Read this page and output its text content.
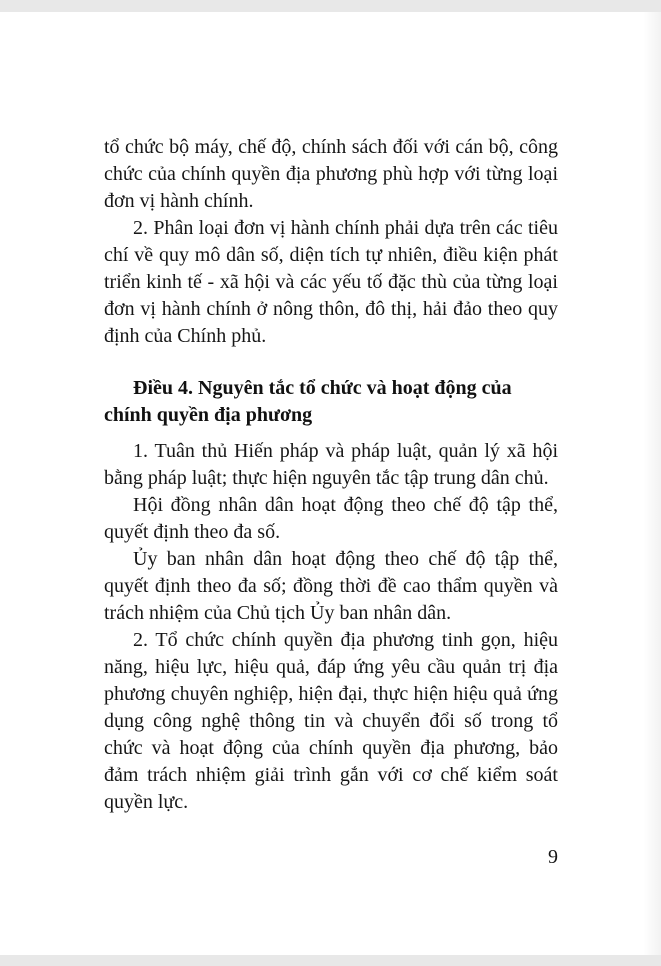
tổ chức bộ máy, chế độ, chính sách đối với cán bộ, công chức của chính quyền địa phương phù hợp với từng loại đơn vị hành chính.

2. Phân loại đơn vị hành chính phải dựa trên các tiêu chí về quy mô dân số, diện tích tự nhiên, điều kiện phát triển kinh tế - xã hội và các yếu tố đặc thù của từng loại đơn vị hành chính ở nông thôn, đô thị, hải đảo theo quy định của Chính phủ.

Điều 4. Nguyên tắc tổ chức và hoạt động của chính quyền địa phương

1. Tuân thủ Hiến pháp và pháp luật, quản lý xã hội bằng pháp luật; thực hiện nguyên tắc tập trung dân chủ.

Hội đồng nhân dân hoạt động theo chế độ tập thể, quyết định theo đa số.

Ủy ban nhân dân hoạt động theo chế độ tập thể, quyết định theo đa số; đồng thời đề cao thẩm quyền và trách nhiệm của Chủ tịch Ủy ban nhân dân.

2. Tổ chức chính quyền địa phương tinh gọn, hiệu năng, hiệu lực, hiệu quả, đáp ứng yêu cầu quản trị địa phương chuyên nghiệp, hiện đại, thực hiện hiệu quả ứng dụng công nghệ thông tin và chuyển đổi số trong tổ chức và hoạt động của chính quyền địa phương, bảo đảm trách nhiệm giải trình gắn với cơ chế kiểm soát quyền lực.

9
